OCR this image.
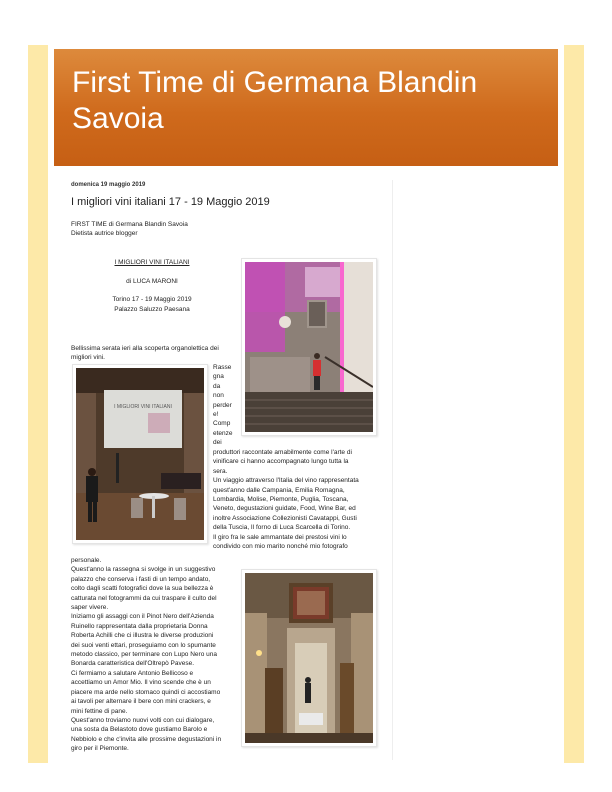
First Time di Germana Blandin Savoia

domenica 19 maggio 2019

I migliori vini italiani 17 - 19 Maggio 2019
FIRST TIME di Germana Blandin Savoia
Dietista autrice blogger
I MIGLIORI VINI ITALIANI
di LUCA MARONI
Torino 17 - 19 Maggio 2019
Palazzo Saluzzo Paesana
Bellissima serata ieri alla scoperta organolettica dei
migliori vini.
Rasse
gna
da
non
perder
e!
Comp
etenze
dei
produttori raccontate amabilmente come l'arte di
vinificare ci hanno accompagnato lungo tutta la
sera.
Un viaggio attraverso l'Italia del vino rappresentata
quest'anno dalle Campania, Emilia Romagna,
Lombardia, Molise, Piemonte, Puglia, Toscana,
Veneto, degustazioni guidate, Food, Wine Bar, ed
inoltre Associazione Collezionisti Cavatappi, Gusti
della Tuscia, Il forno di Luca Scarcella di Torino.
Il giro fra le sale ammantate dei prestosi vini lo
condivido con mio marito nonché mio fotografo
personale.
Quest'anno la rassegna si svolge in un suggestivo
palazzo che conserva i fasti di un tempo andato,
colto dagli scatti fotografici dove la sua bellezza è
catturata nel fotogrammi da cui traspare il culto del
saper vivere.
Iniziamo gli assaggi con il Pinot Nero dell'Azienda
Ruinello rappresentata dalla proprietaria Donna
Roberta Achilli che ci illustra le diverse produzioni
dei suoi venti ettari, proseguiamo con lo spumante
metodo classico, per terminare con Lupo Nero una
Bonarda caratteristica dell'Oltrepò Pavese.
Ci fermiamo a salutare Antonio Bellicoso e
accettiamo un Amor Mio. Il vino scende che è un
piacere ma arde nello stomaco quindi ci accostiamo
ai tavoli per alternare il bere con mini crackers, e
mini fettine di pane.
Quest'anno troviamo nuovi volti con cui dialogare,
una sosta da Belastoto dove gustiamo Barolo e
Nebbiolo e che c'invita alle prossime degustazioni in
giro per il Piemonte.
I MIGLIORI VINI ITALIANI
